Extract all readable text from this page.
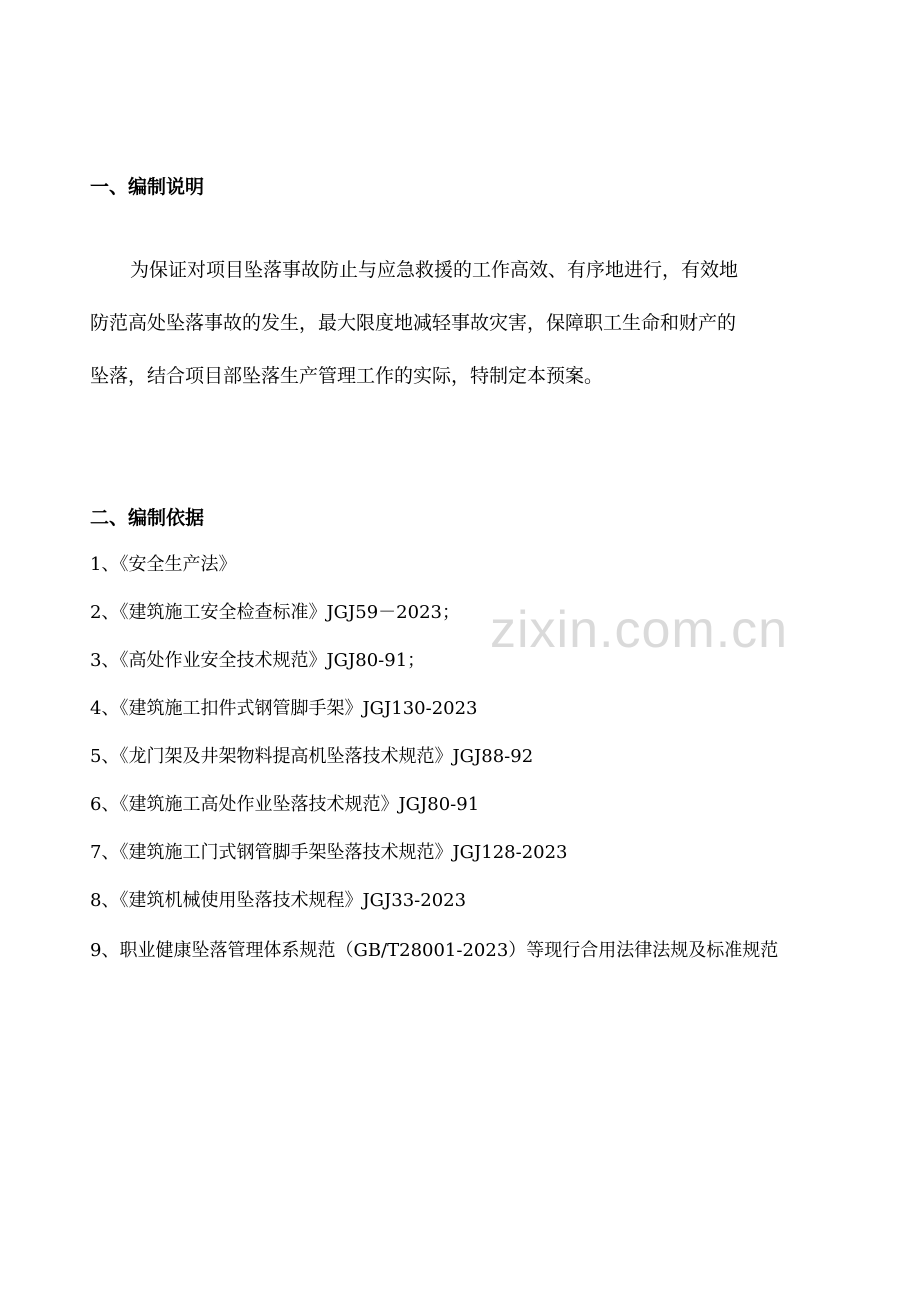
一、编制说明
为保证对项目坠落事故防止与应急救援的工作高效、有序地进行，有效地
防范高处坠落事故的发生，最大限度地减轻事故灾害，保障职工生命和财产的
坠落，结合项目部坠落生产管理工作的实际，特制定本预案。
二、编制依据
1、《安全生产法》
2、《建筑施工安全检查标准》JGJ59－2023；
3、《高处作业安全技术规范》JGJ80-91；
4、《建筑施工扣件式钢管脚手架》JGJ130-2023
5、《龙门架及井架物料提高机坠落技术规范》JGJ88-92
6、《建筑施工高处作业坠落技术规范》JGJ80-91
7、《建筑施工门式钢管脚手架坠落技术规范》JGJ128-2023
8、《建筑机械使用坠落技术规程》JGJ33-2023
9、职业健康坠落管理体系规范（GB/T28001-2023）等现行合用法律法规及标准规范
zixin.com.cn
